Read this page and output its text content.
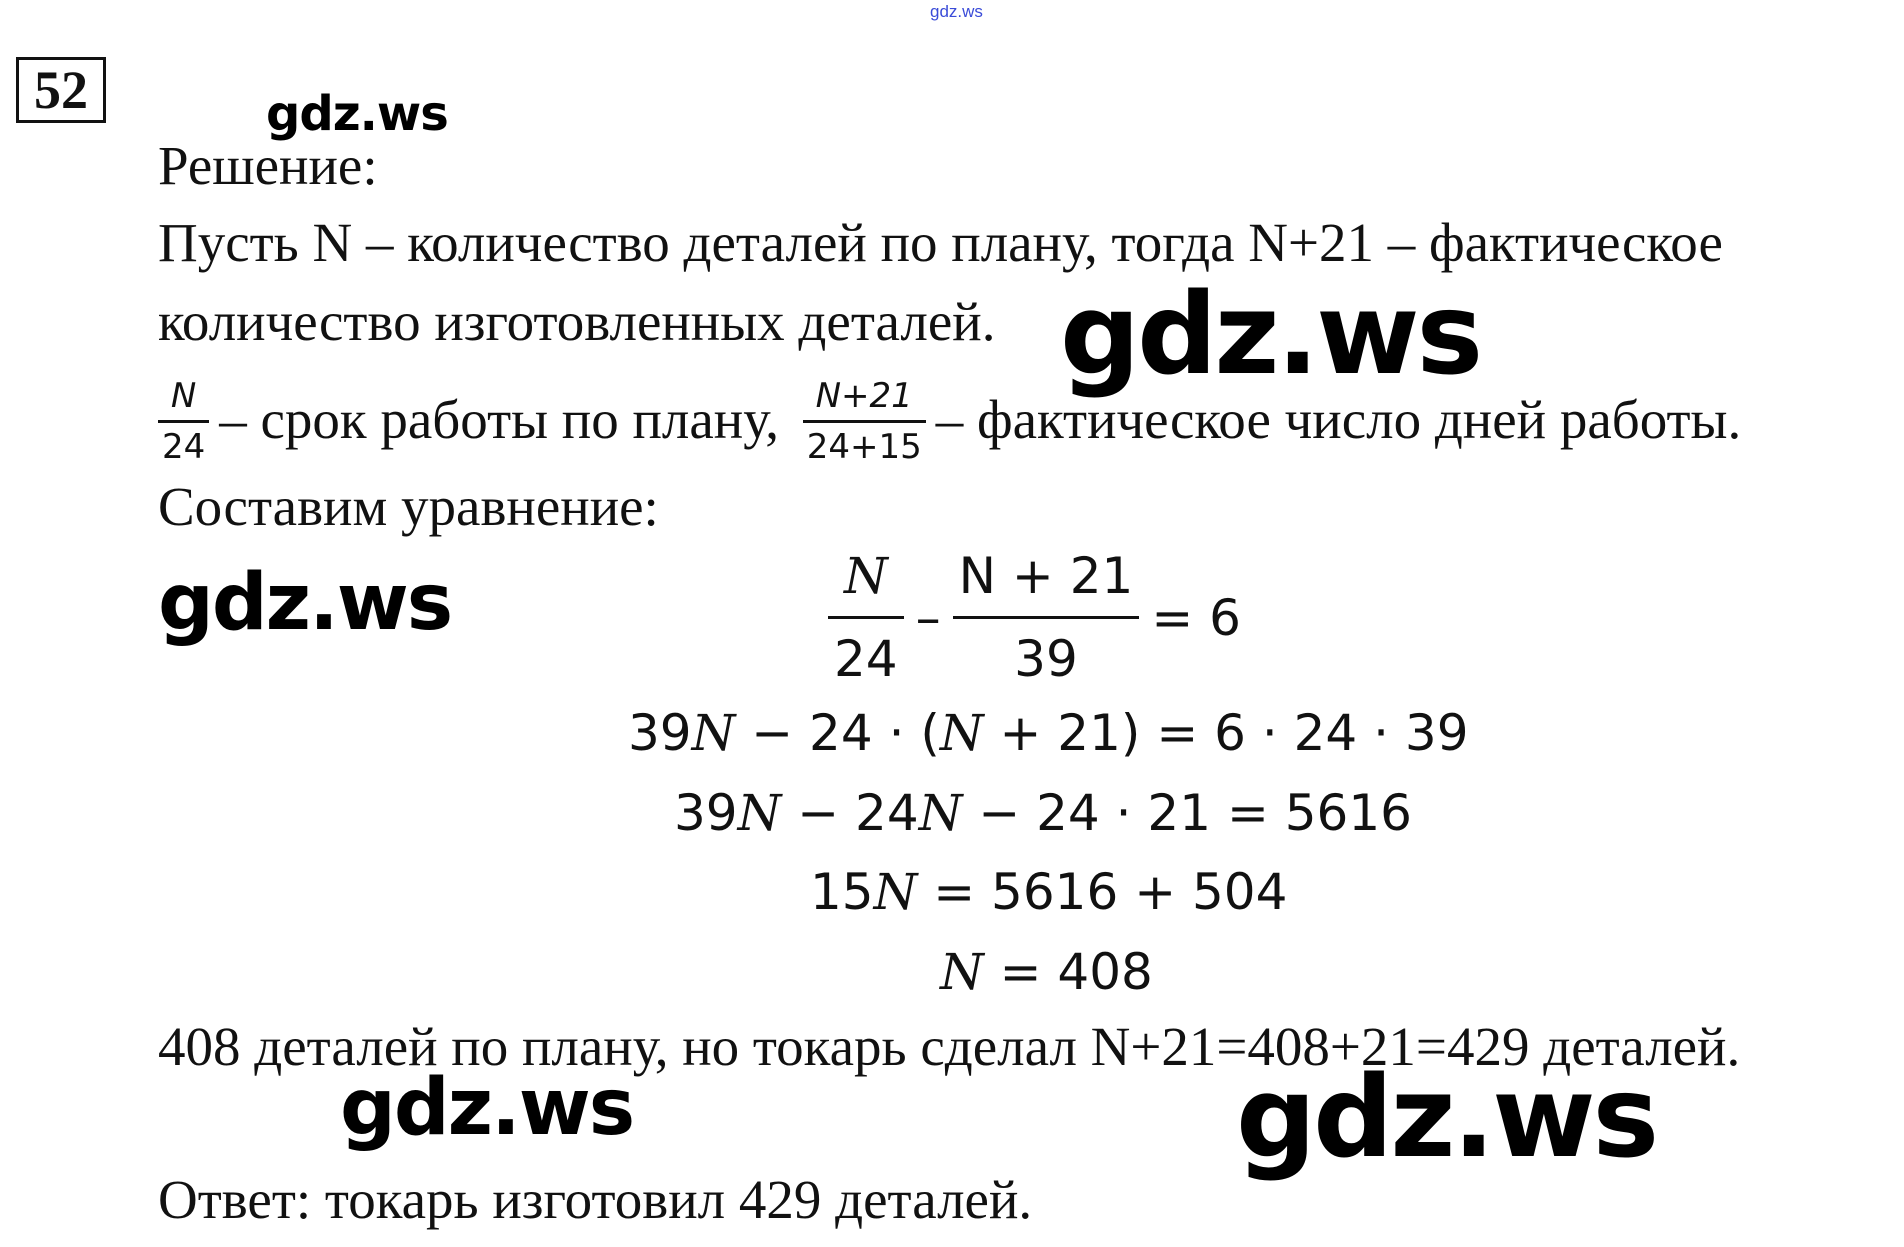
gdz.ws
52	gdz.ws
gdz.ws
gdz.ws
gdz.ws	gdz.ws
Решение:
Пусть N – количество деталей по плану, тогда N+21 – фактическое
количество изготовленных деталей.
$\frac{N}{24}$ – срок работы по плану, $\frac{N+21}{24+15}$ – фактическое число дней работы.
Составим уравнение:
$\frac{N}{24} - \frac{N + 21}{39} = 6$
39N − 24 · (N + 21) = 6 · 24 · 39
39N − 24N − 24 · 21 = 5616
15N = 5616 + 504
N = 408
408 деталей по плану, но токарь сделал N+21=408+21=429 деталей.
Ответ: токарь изготовил 429 деталей.
